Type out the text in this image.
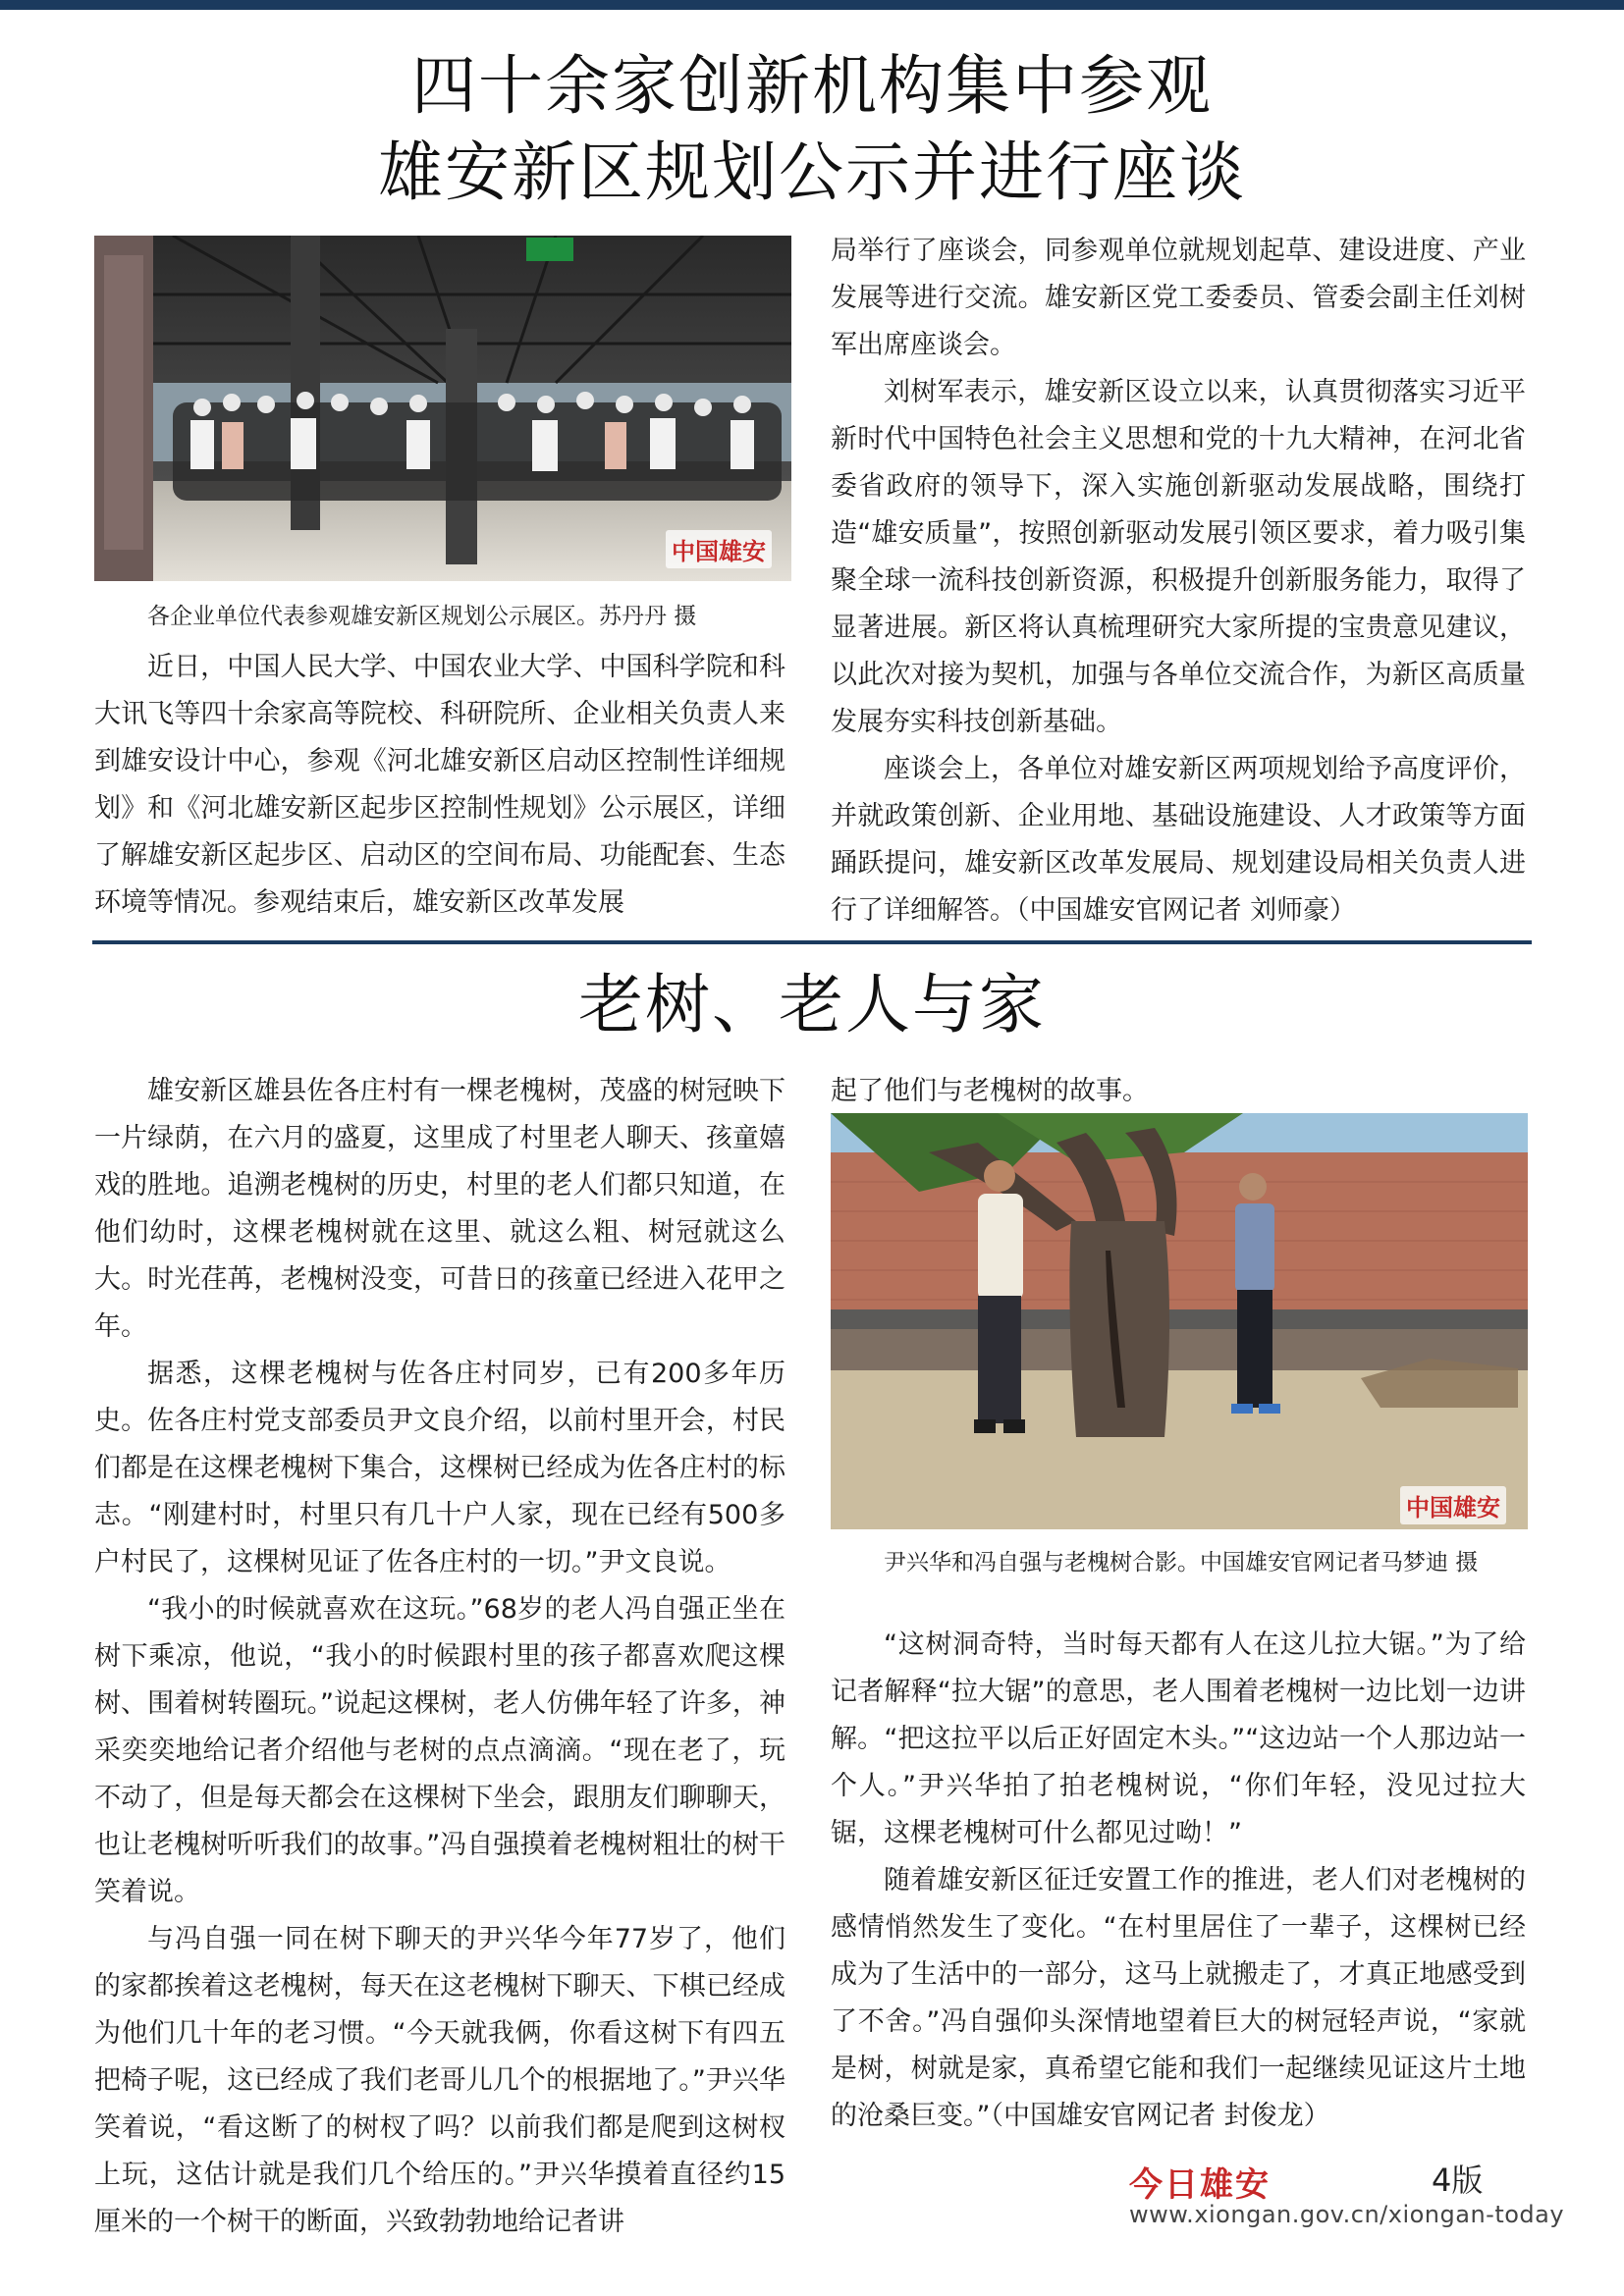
四十余家创新机构集中参观
雄安新区规划公示并进行座谈
中国雄安

各企业单位代表参观雄安新区规划公示展区。苏丹丹 摄

近日，中国人民大学、中国农业大学、中国科学院和科大讯飞等四十余家高等院校、科研院所、企业相关负责人来到雄安设计中心，参观《河北雄安新区启动区控制性详细规划》和《河北雄安新区起步区控制性规划》公示展区，详细了解雄安新区起步区、启动区的空间布局、功能配套、生态环境等情况。参观结束后，雄安新区改革发展

局举行了座谈会，同参观单位就规划起草、建设进度、产业发展等进行交流。雄安新区党工委委员、管委会副主任刘树军出席座谈会。

刘树军表示，雄安新区设立以来，认真贯彻落实习近平新时代中国特色社会主义思想和党的十九大精神，在河北省委省政府的领导下，深入实施创新驱动发展战略，围绕打造“雄安质量”，按照创新驱动发展引领区要求，着力吸引集聚全球一流科技创新资源，积极提升创新服务能力，取得了显著进展。新区将认真梳理研究大家所提的宝贵意见建议，以此次对接为契机，加强与各单位交流合作，为新区高质量发展夯实科技创新基础。

座谈会上，各单位对雄安新区两项规划给予高度评价，并就政策创新、企业用地、基础设施建设、人才政策等方面踊跃提问，雄安新区改革发展局、规划建设局相关负责人进行了详细解答。（中国雄安官网记者 刘师豪）

老树、老人与家

雄安新区雄县佐各庄村有一棵老槐树，茂盛的树冠映下一片绿荫，在六月的盛夏，这里成了村里老人聊天、孩童嬉戏的胜地。追溯老槐树的历史，村里的老人们都只知道，在他们幼时，这棵老槐树就在这里、就这么粗、树冠就这么大。时光荏苒，老槐树没变，可昔日的孩童已经进入花甲之年。

据悉，这棵老槐树与佐各庄村同岁，已有200多年历史。佐各庄村党支部委员尹文良介绍，以前村里开会，村民们都是在这棵老槐树下集合，这棵树已经成为佐各庄村的标志。“刚建村时，村里只有几十户人家，现在已经有500多户村民了，这棵树见证了佐各庄村的一切。”尹文良说。

“我小的时候就喜欢在这玩。”68岁的老人冯自强正坐在树下乘凉，他说，“我小的时候跟村里的孩子都喜欢爬这棵树、围着树转圈玩。”说起这棵树，老人仿佛年轻了许多，神采奕奕地给记者介绍他与老树的点点滴滴。“现在老了，玩不动了，但是每天都会在这棵树下坐会，跟朋友们聊聊天，也让老槐树听听我们的故事。”冯自强摸着老槐树粗壮的树干笑着说。

与冯自强一同在树下聊天的尹兴华今年77岁了，他们的家都挨着这老槐树，每天在这老槐树下聊天、下棋已经成为他们几十年的老习惯。“今天就我俩，你看这树下有四五把椅子呢，这已经成了我们老哥儿几个的根据地了。”尹兴华笑着说，“看这断了的树杈了吗？以前我们都是爬到这树杈上玩，这估计就是我们几个给压的。”尹兴华摸着直径约15厘米的一个树干的断面，兴致勃勃地给记者讲

起了他们与老槐树的故事。

中国雄安

尹兴华和冯自强与老槐树合影。中国雄安官网记者马梦迪 摄

“这树洞奇特，当时每天都有人在这儿拉大锯。”为了给记者解释“拉大锯”的意思，老人围着老槐树一边比划一边讲解。“把这拉平以后正好固定木头。”“这边站一个人那边站一个人。”尹兴华拍了拍老槐树说，“你们年轻，没见过拉大锯，这棵老槐树可什么都见过呦！”

随着雄安新区征迁安置工作的推进，老人们对老槐树的感情悄然发生了变化。“在村里居住了一辈子，这棵树已经成为了生活中的一部分，这马上就搬走了，才真正地感受到了不舍。”冯自强仰头深情地望着巨大的树冠轻声说，“家就是树，树就是家，真希望它能和我们一起继续见证这片土地的沧桑巨变。”（中国雄安官网记者 封俊龙）

今日雄安	4版
www.xiongan.gov.cn/xiongan-today
